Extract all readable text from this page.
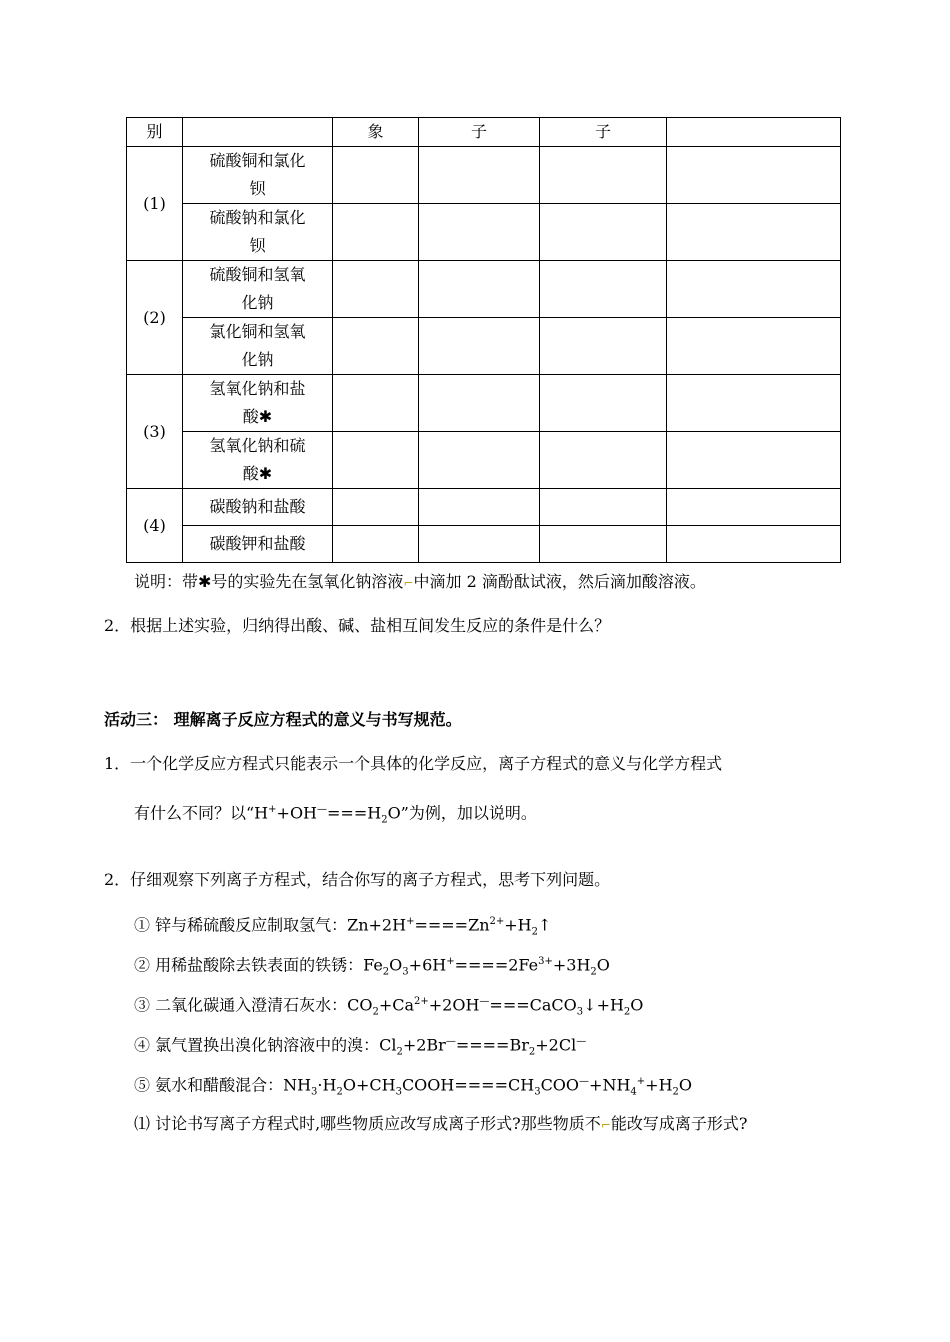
别		象	子	子	
(1)	硫酸铜和氯化
钡				
	硫酸钠和氯化
钡				
(2)	硫酸铜和氢氧
化钠				
	氯化铜和氢氧
化钠				
(3)	氢氧化钠和盐
酸✱				
	氢氧化钠和硫
酸✱				
(4)	碳酸钠和盐酸				
	碳酸钾和盐酸				
说明：带✱号的实验先在氢氧化钠溶液⌐中滴加 2 滴酚酞试液，然后滴加酸溶液。
2．根据上述实验，归纳得出酸、碱、盐相互间发生反应的条件是什么？
活动三： 理解离子反应方程式的意义与书写规范。
1．一个化学反应方程式只能表示一个具体的化学反应，离子方程式的意义与化学方程式
有什么不同？以“$H^++OH^—===H_2O$”为例，加以说明。
2．仔细观察下列离子方程式，结合你写的离子方程式，思考下列问题。
① 锌与稀硫酸反应制取氢气：$Zn+2H^+====Zn^{2+}+H_2↑$
② 用稀盐酸除去铁表面的铁锈：$Fe_2O_3+6H^+====2Fe^{3+}+3H_2O$
③ 二氧化碳通入澄清石灰水：$CO_2+Ca^{2+}+2OH^—===CaCO_3↓+H_2O$
④ 氯气置换出溴化钠溶液中的溴：$Cl_2+2Br^—====Br_2+2Cl^—$
⑤ 氨水和醋酸混合：$NH_3\cdot H_2O+CH_3COOH====CH_3COO^—+NH_4^++H_2O$
⑴ 讨论书写离子方程式时,哪些物质应改写成离子形式?那些物质不⌐能改写成离子形式?
